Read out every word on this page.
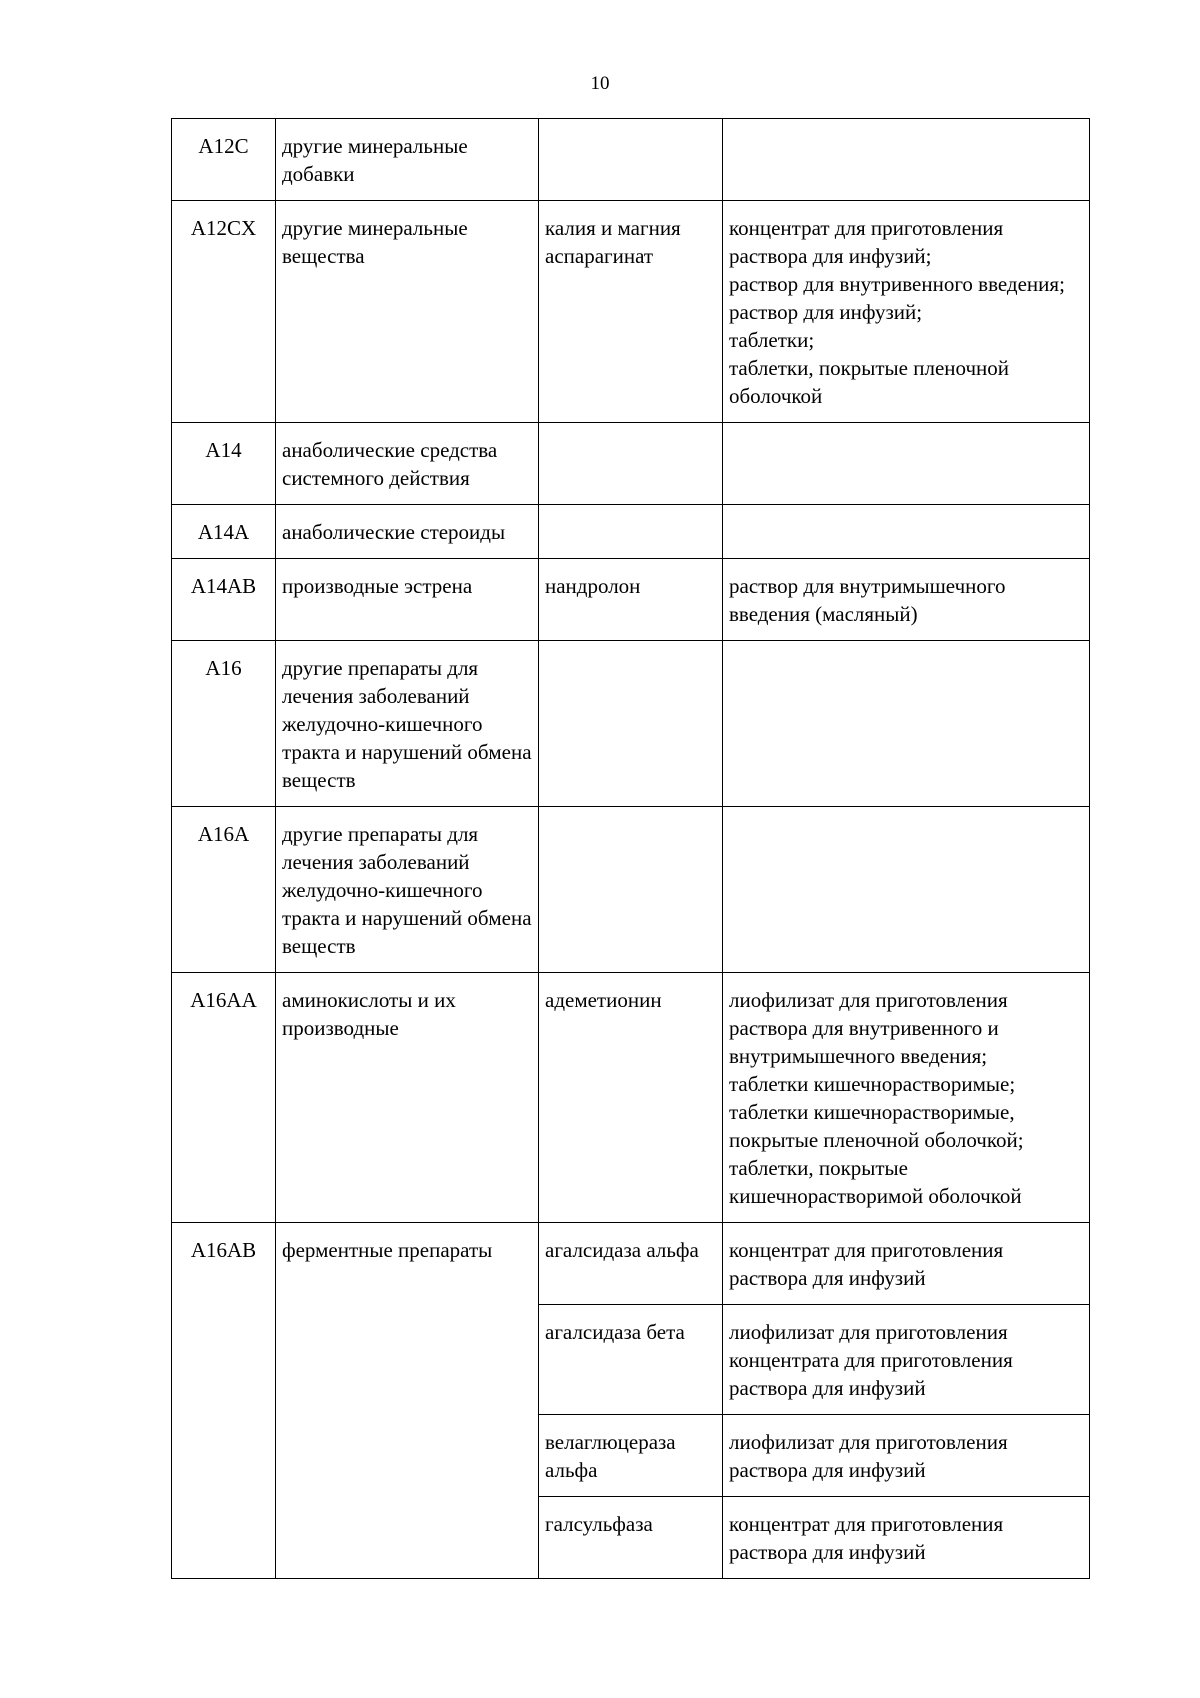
10
A12C	другие минеральные добавки		
A12CX	другие минеральные вещества	калия и магния аспарагинат	концентрат для приготовления раствора для инфузий;
раствор для внутривенного введения;
раствор для инфузий;
таблетки;
таблетки, покрытые пленочной оболочкой

A14	анаболические средства системного действия		
A14A	анаболические стероиды		
A14AB	производные эстрена	нандролон	раствор для внутримышечного введения (масляный)

A16	другие препараты для лечения заболеваний желудочно-кишечного тракта и нарушений обмена веществ		
A16A	другие препараты для лечения заболеваний желудочно-кишечного тракта и нарушений обмена веществ		
A16AA	аминокислоты и их производные	адеметионин	лиофилизат для приготовления раствора для внутривенного и внутримышечного введения;
таблетки кишечнорастворимые;
таблетки кишечнорастворимые, покрытые пленочной оболочкой;
таблетки, покрытые кишечнорастворимой оболочкой

A16AB	ферментные препараты	агалсидаза альфа	концентрат для приготовления раствора для инфузий

		агалсидаза бета	лиофилизат для приготовления концентрата для приготовления раствора для инфузий

		велаглюцераза альфа	лиофилизат для приготовления раствора для инфузий

		галсульфаза	концентрат для приготовления раствора для инфузий
